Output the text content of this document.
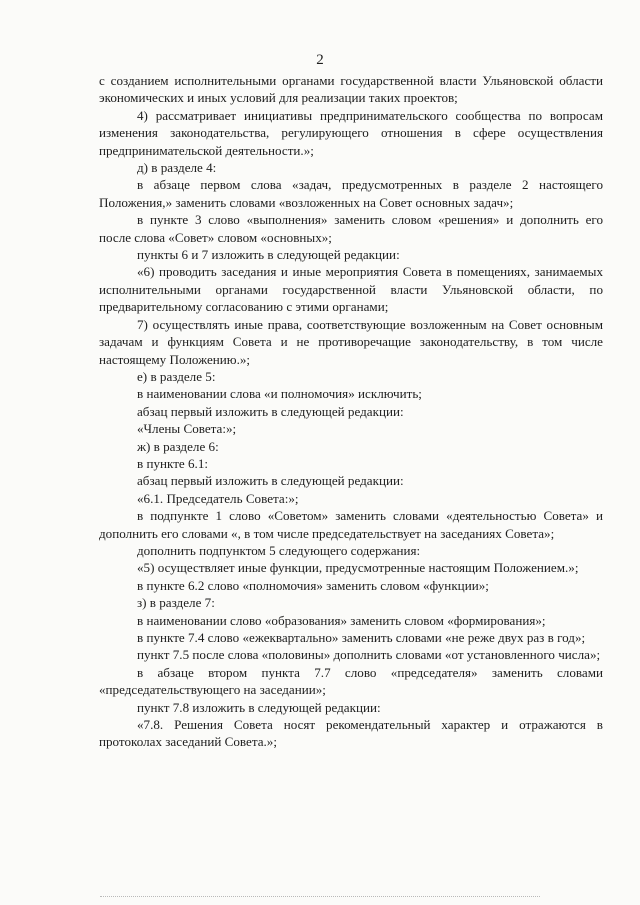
2

с созданием исполнительными органами государственной власти Ульяновской области экономических и иных условий для реализации таких проектов;

4) рассматривает инициативы предпринимательского сообщества по вопросам изменения законодательства, регулирующего отношения в сфере осуществления предпринимательской деятельности.»;

д) в разделе 4:

в абзаце первом слова «задач, предусмотренных в разделе 2 настоящего Положения,» заменить словами «возложенных на Совет основных задач»;

в пункте 3 слово «выполнения» заменить словом «решения» и дополнить его после слова «Совет» словом «основных»;

пункты 6 и 7 изложить в следующей редакции:

«6) проводить заседания и иные мероприятия Совета в помещениях, занимаемых исполнительными органами государственной власти Ульяновской области, по предварительному согласованию с этими органами;

7) осуществлять иные права, соответствующие возложенным на Совет основным задачам и функциям Совета и не противоречащие законодательству, в том числе настоящему Положению.»;

е) в разделе 5:

в наименовании слова «и полномочия» исключить;

абзац первый изложить в следующей редакции:

«Члены Совета:»;

ж) в разделе 6:

в пункте 6.1:

абзац первый изложить в следующей редакции:

«6.1. Председатель Совета:»;

в подпункте 1 слово «Советом» заменить словами «деятельностью Совета» и дополнить его словами «, в том числе председательствует на заседаниях Совета»;

дополнить подпунктом 5 следующего содержания:

«5) осуществляет иные функции, предусмотренные настоящим Положением.»;

в пункте 6.2 слово «полномочия» заменить словом «функции»;

з) в разделе 7:

в наименовании слово «образования» заменить словом «формирования»;

в пункте 7.4 слово «ежеквартально» заменить словами «не реже двух раз в год»;

пункт 7.5 после слова «половины» дополнить словами «от установленного числа»;

в абзаце втором пункта 7.7 слово «председателя» заменить словами «председательствующего на заседании»;

пункт 7.8 изложить в следующей редакции:

«7.8. Решения Совета носят рекомендательный характер и отражаются в протоколах заседаний Совета.»;
